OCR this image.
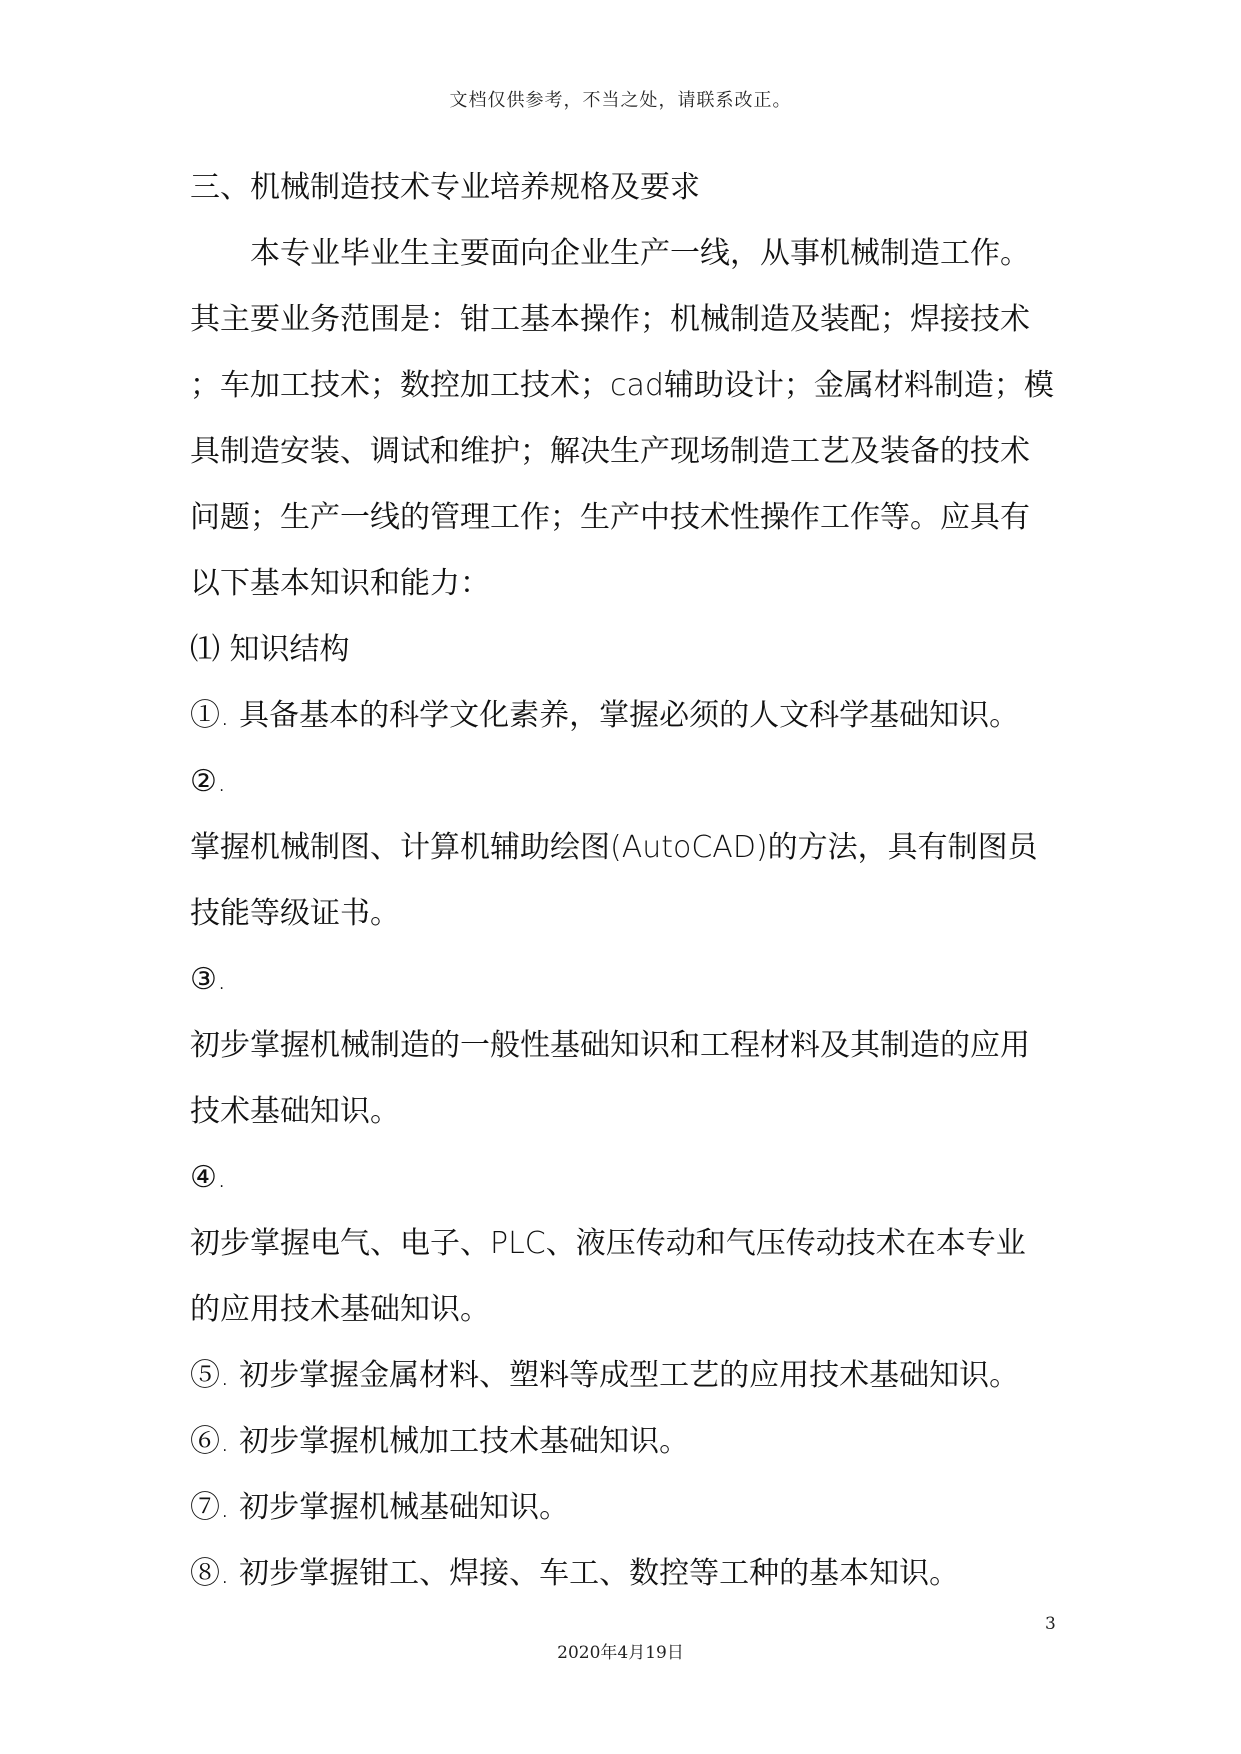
文档仅供参考，不当之处，请联系改正。
三、机械制造技术专业培养规格及要求
本专业毕业生主要面向企业生产一线，从事机械制造工作。
其主要业务范围是：钳工基本操作；机械制造及装配；焊接技术
；车加工技术；数控加工技术；cad辅助设计；金属材料制造；模
具制造安装、调试和维护；解决生产现场制造工艺及装备的技术
问题；生产一线的管理工作；生产中技术性操作工作等。应具有
以下基本知识和能力：
⑴ 知识结构
①. 具备基本的科学文化素养，掌握必须的人文科学基础知识。
②.
掌握机械制图、计算机辅助绘图(AutoCAD)的方法，具有制图员
技能等级证书。
③.
初步掌握机械制造的一般性基础知识和工程材料及其制造的应用
技术基础知识。
④.
初步掌握电气、电子、PLC、液压传动和气压传动技术在本专业
的应用技术基础知识。
⑤. 初步掌握金属材料、塑料等成型工艺的应用技术基础知识。
⑥. 初步掌握机械加工技术基础知识。
⑦. 初步掌握机械基础知识。
⑧. 初步掌握钳工、焊接、车工、数控等工种的基本知识。
3
2020年4月19日
